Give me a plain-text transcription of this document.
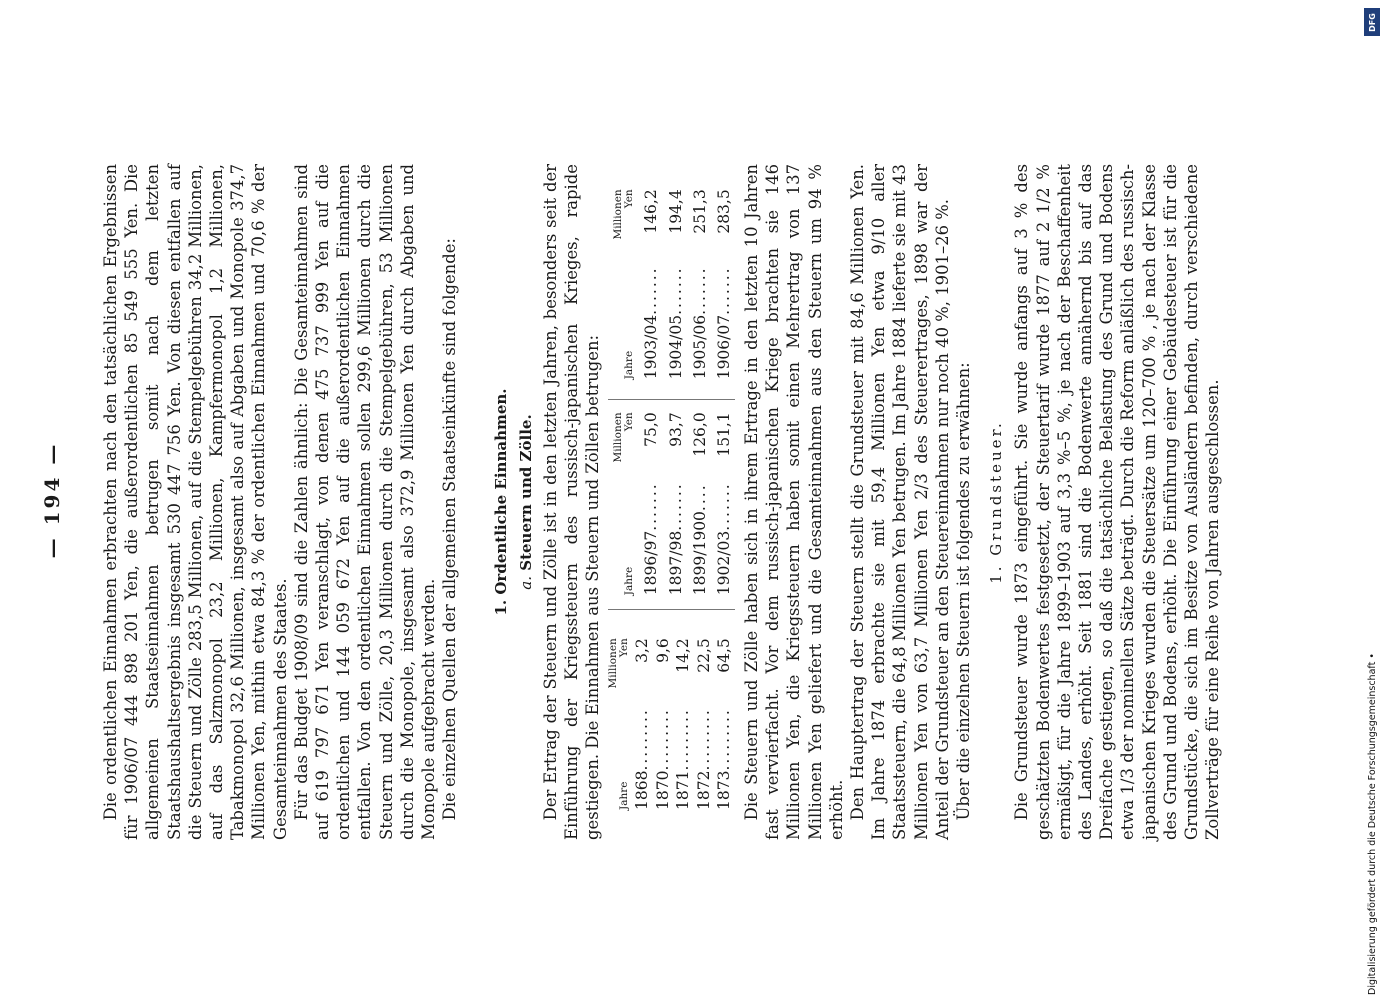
— 194 — Die ordentlichen Einnahmen erbrachten nach den tatsächlichen Ergebnissen für 1906/07 444 898 201 Yen, die außerordentlichen 85 549 555 Yen. Die allgemeinen Staatseinnahmen betrugen somit nach dem letzten Staatshaushaltsergebnis insgesamt 530 447 756 Yen. Von diesen entfallen auf die Steuern und Zölle 283,5 Millionen, auf die Stempelgebühren 34,2 Millionen, auf das Salzmonopol 23,2 Millionen, Kampfermonopol 1,2 Millionen, Tabakmonopol 32,6 Millionen, insgesamt also auf Abgaben und Monopole 374,7 Millionen Yen, mithin etwa 84,3 % der ordentlichen Einnahmen und 70,6 % der Gesamteinnahmen des Staates. Für das Budget 1908/09 sind die Zahlen ähnlich: Die Gesamteinnahmen sind auf 619 797 671 Yen veranschlagt, von denen 475 737 999 Yen auf die ordentlichen und 144 059 672 Yen auf die außerordentlichen Einnahmen entfallen. Von den ordentlichen Einnahmen sollen 299,6 Millionen durch die Steuern und Zölle, 20,3 Millionen durch die Stempelgebühren, 53 Millionen durch die Monopole, insgesamt also 372,9 Millionen Yen durch Abgaben und Monopole aufgebracht werden. Die einzelnen Quellen der allgemeinen Staatseinkünfte sind folgende: 1. Ordentliche Einnahmen. a. Steuern und Zölle. Der Ertrag der Steuern und Zölle ist in den letzten Jahren, besonders seit der Einführung der Kriegssteuern des russisch-japanischen Krieges, rapide gestiegen. Die Einnahmen aus Steuern und Zöllen betrugen: Jahre	Millionen Yen
1868.........	3,2
1870.........	9,6
1871.........	14,2
1872.........	22,5
1873.........	64,5
Jahre	Millionen Yen
1896/97.......	75,0
1897/98.......	93,7
1899/1900....	126,0
1902/03.......	151,1
Jahre	Millionen Yen
1903/04.......	146,2
1904/05.......	194,4
1905/06.......	251,3
1906/07.......	283,5 Die Steuern und Zölle haben sich in ihrem Ertrage in den letzten 10 Jahren fast vervierfacht. Vor dem russisch-japanischen Kriege brachten sie 146 Millionen Yen, die Kriegssteuern haben somit einen Mehrertrag von 137 Millionen Yen geliefert und die Gesamteinnahmen aus den Steuern um 94 % erhöht. Den Hauptertrag der Steuern stellt die Grundsteuer mit 84,6 Millionen Yen. Im Jahre 1874 erbrachte sie mit 59,4 Millionen Yen etwa 9/10 aller Staatssteuern, die 64,8 Millionen Yen betrugen. Im Jahre 1884 lieferte sie mit 43 Millionen Yen von 63,7 Millionen Yen 2/3 des Steuerertrages, 1898 war der Anteil der Grundsteuer an den Steuereinnahmen nur noch 40 %, 1901–26 %. Über die einzelnen Steuern ist folgendes zu erwähnen: 1. Grundsteuer. Die Grundsteuer wurde 1873 eingeführt. Sie wurde anfangs auf 3 % des geschätzten Bodenwertes festgesetzt, der Steuertarif wurde 1877 auf 2 1/2 % ermäßigt, für die Jahre 1899–1903 auf 3,3 %–5 %, je nach der Beschaffenheit des Landes, erhöht. Seit 1881 sind die Bodenwerte annähernd bis auf das Dreifache gestiegen, so daß die tatsächliche Belastung des Grund und Bodens etwa 1/3 der nominellen Sätze beträgt. Durch die Reform anläßlich des russisch-japanischen Krieges wurden die Steuersätze um 120–700 % , je nach der Klasse des Grund und Bodens, erhöht. Die Einführung einer Gebäudesteuer ist für die Grundstücke, die sich im Besitze von Ausländern befinden, durch verschiedene Zollverträge für eine Reihe von Jahren ausgeschlossen.

DFG
Digitalisierung gefördert durch die Deutsche Forschungsgemeinschaft •
